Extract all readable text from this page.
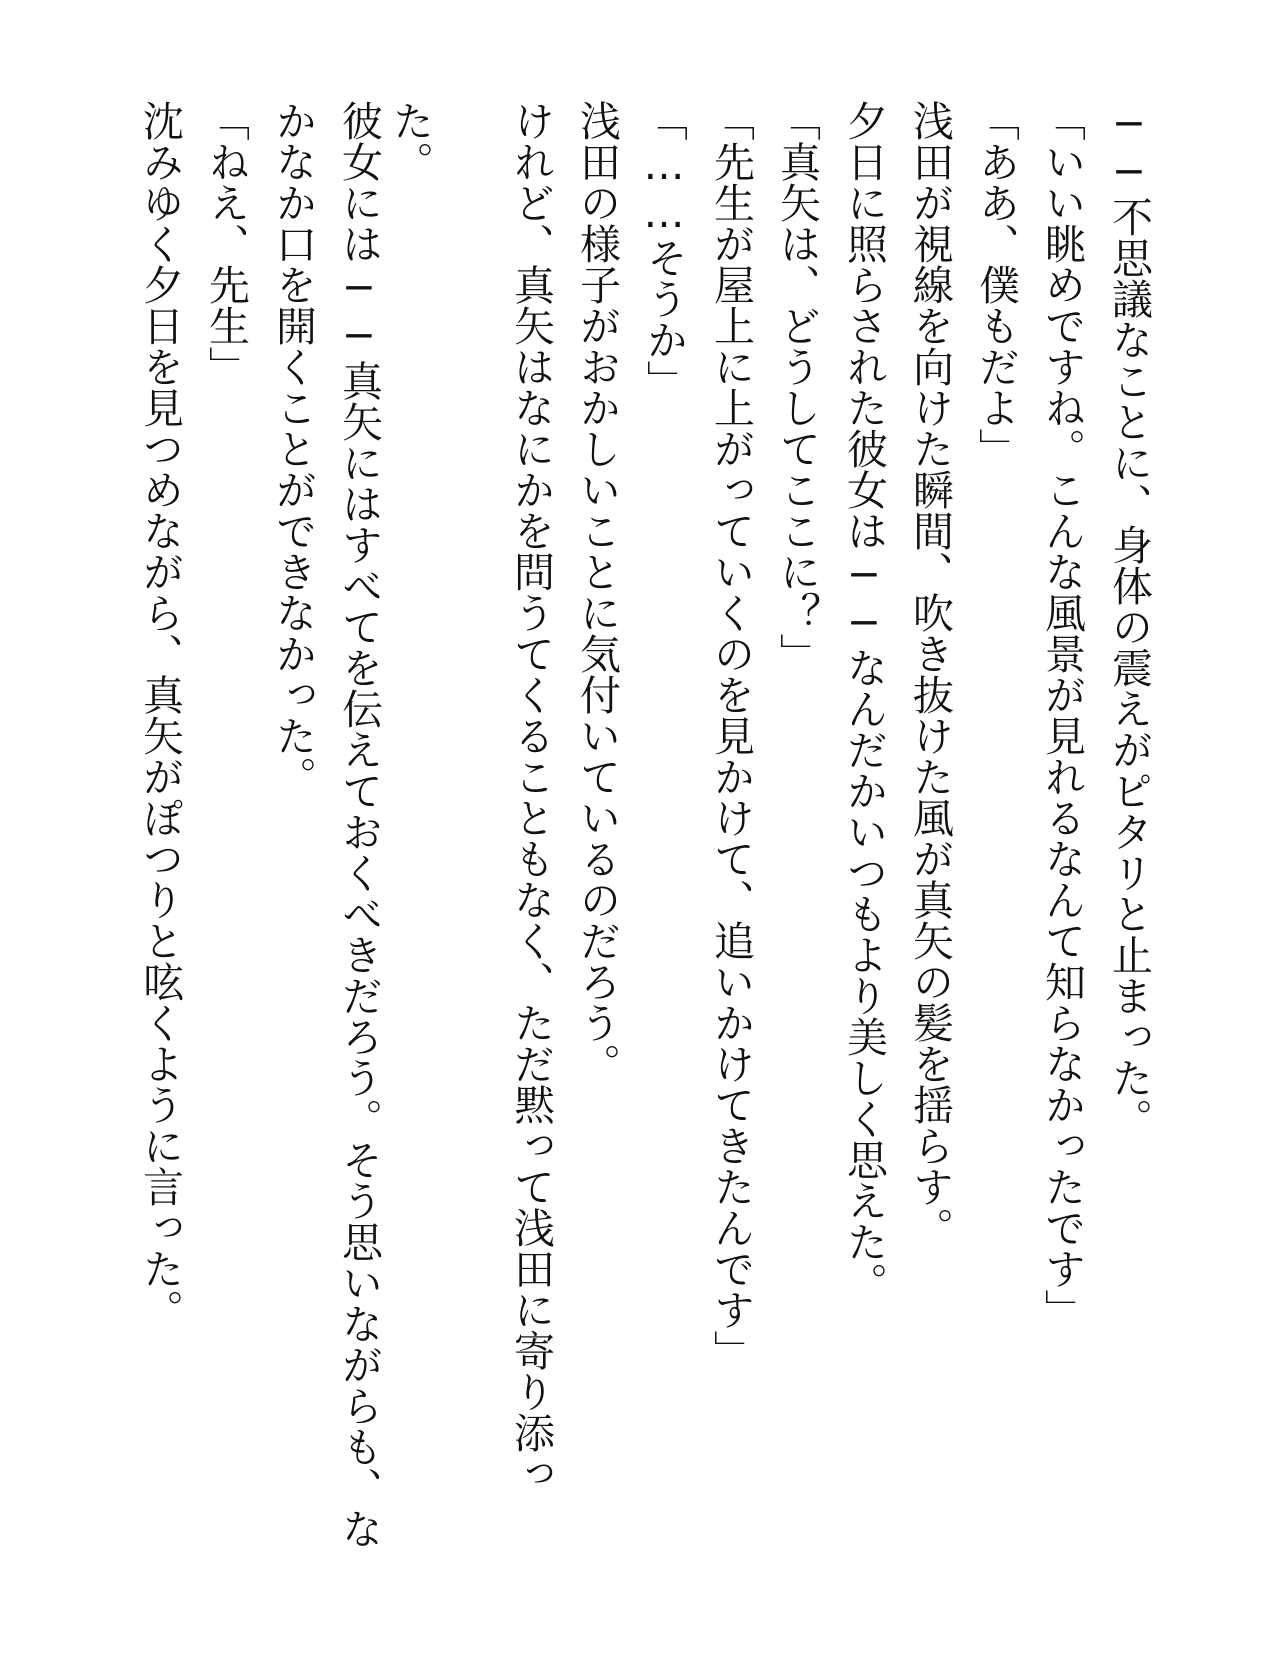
──不思議なことに、身体の震えがピタリと止まった。
「いい眺めですね。こんな風景が見れるなんて知らなかったです」
「ああ、僕もだよ」
浅田が視線を向けた瞬間、吹き抜けた風が真矢の髪を揺らす。
夕日に照らされた彼女は──なんだかいつもより美しく思えた。
「真矢は、どうしてここに？」
「先生が屋上に上がっていくのを見かけて、追いかけてきたんです」
「……そうか」
浅田の様子がおかしいことに気付いているのだろう。
けれど、真矢はなにかを問うてくることもなく、ただ黙って浅田に寄り添っ
た。
彼女には──真矢にはすべてを伝えておくべきだろう。そう思いながらも、な
かなか口を開くことができなかった。
「ねえ、先生」
沈みゆく夕日を見つめながら、真矢がぽつりと呟くように言った。
